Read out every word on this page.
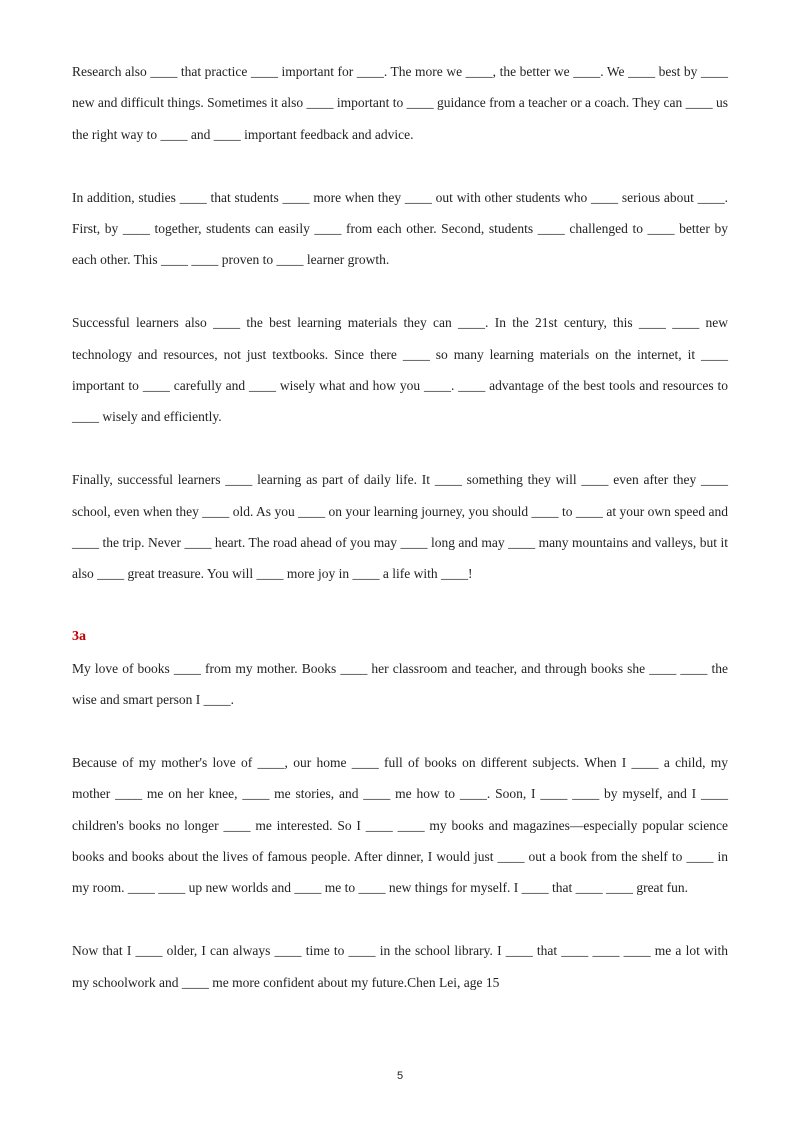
Research also ____ that practice ____ important for ____. The more we ____, the better we ____. We ____ best by ____ new and difficult things. Sometimes it also ____ important to ____ guidance from a teacher or a coach. They can ____ us the right way to ____ and ____ important feedback and advice.

In addition, studies ____ that students ____ more when they ____ out with other students who ____ serious about ____. First, by ____ together, students can easily ____ from each other. Second, students ____ challenged to ____ better by each other. This ____ ____ proven to ____ learner growth.

Successful learners also ____ the best learning materials they can ____. In the 21st century, this ____ ____ new technology and resources, not just textbooks. Since there ____ so many learning materials on the internet, it ____ important to ____ carefully and ____ wisely what and how you ____. ____ advantage of the best tools and resources to ____ wisely and efficiently.

Finally, successful learners ____ learning as part of daily life. It ____ something they will ____ even after they ____ school, even when they ____ old. As you ____ on your learning journey, you should ____ to ____ at your own speed and ____ the trip. Never ____ heart. The road ahead of you may ____ long and may ____ many mountains and valleys, but it also ____ great treasure. You will ____ more joy in ____ a life with ____!

3a

My love of books ____ from my mother. Books ____ her classroom and teacher, and through books she ____ ____ the wise and smart person I ____.

Because of my mother's love of ____, our home ____ full of books on different subjects. When I ____ a child, my mother ____ me on her knee, ____ me stories, and ____ me how to ____. Soon, I ____ ____ by myself, and I ____ children's books no longer ____ me interested. So I ____ ____ my books and magazines—especially popular science books and books about the lives of famous people. After dinner, I would just ____ out a book from the shelf to ____ in my room. ____ ____ up new worlds and ____ me to ____ new things for myself. I ____ that ____ ____ great fun.

Now that I ____ older, I can always ____ time to ____ in the school library. I ____ that ____ ____ ____ me a lot with my schoolwork and ____ me more confident about my future.Chen Lei, age 15

5
